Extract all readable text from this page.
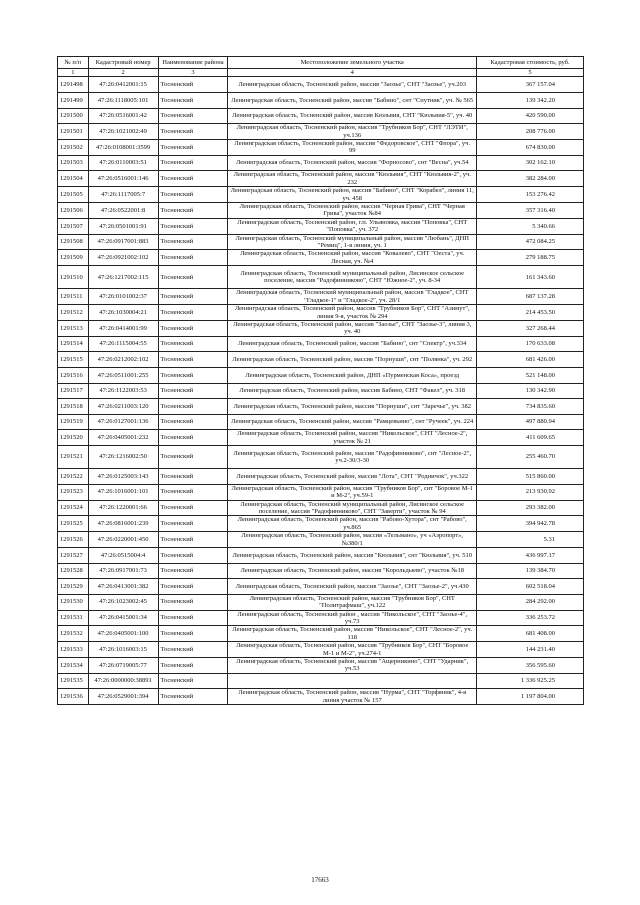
№ п/п	Кадастровый номер	Наименование района	Местоположение земельного участка	Кадастровая стоимость, руб.
1	2	3	4	5
1291498	47:26:0412001:15	Тосненский	Ленинградская область, Тосненский район, массив "Заозье", СНТ "Заозье", уч.203	367 157.04
1291499	47:26:1118005:101	Тосненский	Ленинградская область, Тосненский район, массив "Бабино", снт "Спутник", уч. № 565	139 342.20
1291500	47:26:0516001:42	Тосненский	Ленинградская область, Тосненский район, массив Кюльвия, СНТ "Кюльвия-5", уч. 40	420 590.00
1291501	47:26:1021002:49	Тосненский	Ленинградская область, Тосненский район, массив "Трубников Бор", СНТ "ЛЭТИ", уч.136	208 776.00
1291502	47:26:0108001:3599	Тосненский	Ленинградская область, Тосненский район, массив "Федоровское", СНТ "Флора", уч. 99	674 830.00
1291503	47:26:0110003:51	Тосненский	Ленинградская область, Тосненский район, массив "Форносово", снт "Весна", уч.54	302 162.10
1291504	47:26:0516001:146	Тосненский	Ленинградская область, Тосненский район, массив "Кюльвия", СНТ "Кюльвия-2", уч. 232	382 284.00
1291505	47:26:1117005:7	Тосненский	Ленинградская область, Тосненский район, массив "Бабино", СНТ "Корабел", линия 11, уч. 458	153 276.42
1291506	47:26:0522001:8	Тосненский	Ленинградская область, Тосненский район, массив "Черная Грива", СНТ "Черная Грива", участок №84	357 316.40
1291507	47:26:0501001:91	Тосненский	Ленинградская область, Тосненский район, г.п. Ульяновка, массив "Поповка", СНТ "Поповка", уч. 372	5 340.66
1291508	47:26:0917001:883	Тосненский	Ленинградская область, Тосненский муниципальный район, массив "Любань", ДНП "Ремиц", 1-я линия, уч. 1	472 084.25
1291509	47:26:0921002:102	Тосненский	Ленинградская область, Тосненский район, массив "Ковалево", СНТ "Оеста", уч. Лесная, уч. №4	279 188.75
1291510	47:26:1217002:115	Тосненский	Ленинградская область, Тосненский муниципальный район, Лисинское сельское поселение, массив "Радофинниково", СНТ "Южное-2", уч. 8-34	161 343.60
1291511	47:26:0101002:37	Тосненский	Ленинградская область, Тосненский муниципальный район, массив "Гладкое", СНТ "Гладкое-1" и "Гладкое-2", уч. 28/1	687 137.28
1291512	47:26:1030004:21	Тосненский	Ленинградская область, Тосненский район, массив "Трубников Бор", СНТ "Азимут", линия 9-я, участок № 294	214 453.50
1291513	47:26:0414001:99	Тосненский	Ленинградская область, Тосненский район, массив "Заозье", СНТ "Заозье-3", линия 3, уч. 40	327 268.44
1291514	47:26:1115004:55	Тосненский	Ленинградская область, Тосненский район, массив "Бабино", снт "Спектр", уч.334	170 633.08
1291515	47:26:0212002:102	Тосненский	Ленинградская область, Тосненский район, массив "Порнуши", снт "Полянка", уч. 292	681 426.00
1291516	47:26:0511001:255	Тосненский	Ленинградская область, Тосненский район, ДНП «Пурменская Коса», проезд	521 148.00
1291517	47:26:1122003:53	Тосненский	Ленинградская область, Тосненский район, массив Бабино, СНТ "Факел", уч. 318	130 342.90
1291518	47:26:0211003:120	Тосненский	Ленинградская область, Тосненский район, массив "Порнуши", снт "Заречье", уч. 382	734 835.60
1291519	47:26:0127001:136	Тосненский	Ленинградская область, Тосненский район, массив "Рамцевьино", снт "Ручеек", уч. 224	497 880.94
1291520	47:26:0405001:232	Тосненский	Ленинградская область, Тосненский район, массив "Никольское", СНТ "Лесное-2", участок № 21	411 609.65
1291521	47:26:1216002:50	Тосненский	Ленинградская область, Тосненский район, массив "Радофинниково", снт "Лесное-2", уч.2-30/3-30	255 460.70
1291522	47:26:0125003:143	Тосненский	Ленинградская область, Тосненский район, массив "Лота", СНТ "Родничок", уч.322	515 860.00
1291523	47:26:1016001:101	Тосненский	Ленинградская область, Тосненский район, массив "Трубников Бор", снт "Боровое М-1 и М-2", уч.59-1	213 930.92
1291524	47:26:1220001:66	Тосненский	Ленинградская область, Тосненский муниципальный район, Лисинское сельское поселение, массив "Радофинниково", СНТ "Заверти", участок № 94	293 382.00
1291525	47:26:0816001:239	Тосненский	Ленинградская область, Тосненский район, массив "Рабово-Хутора", снт "Рабово", уч.865	394 942.78
1291526	47:26:0220001:450	Тосненский	Ленинградская область, Тосненский район, массив «Тельмано», уч «Аэропорт», №380/1	5.31
1291527	47:26:0515004:4	Тосненский	Ленинградская область, Тосненский район, массив "Кюльвия", снт "Кюльвия", уч. 510	436 997.17
1291528	47:26:0917001:73	Тосненский	Ленинградская область, Тосненский район, массив "Корольдыево", участок №18	139 384.70
1291529	47:26:0413001:382	Тосненский	Ленинградская область, Тосненский район, массив "Заозье", СНТ "Заозье-2", уч.430	602 518.04
1291530	47:26:1023002:45	Тосненский	Ленинградская область, Тосненский район, массив "Трубников Бор", СНТ "Политрафмаш", уч.122	284 292.00
1291531	47:26:0415001:34	Тосненский	Ленинградская область, Тосненский район , массив "Никольское", СНТ "Заозье-4", уч.73	336 253.72
1291532	47:26:0405001:100	Тосненский	Ленинградская область, Тосненский район, массив "Никольское", СНТ "Лесное-2", уч. 118	681 408.00
1291533	47:26:1016003:15	Тосненский	Ленинградская область, Тосненский район, массив "Трубников Бор", СНТ "Боровое М-1 и М-2", уч.274-1	144 231.40
1291534	47:26:0719005:77	Тосненский	Ленинградская область, Тосненский район, массив "Ащерникино", СНТ "Ударник", уч.53	356 595.60
1291535	47:26:0000000:38891	Тосненский		1 336 925.25
1291536	47:26:0529001:394	Тосненский	Ленинградская область, Тосненский район, массив "Нурма", СНТ "Торфяник", 4-я линия участок № 157	1 197 804.00
17663
